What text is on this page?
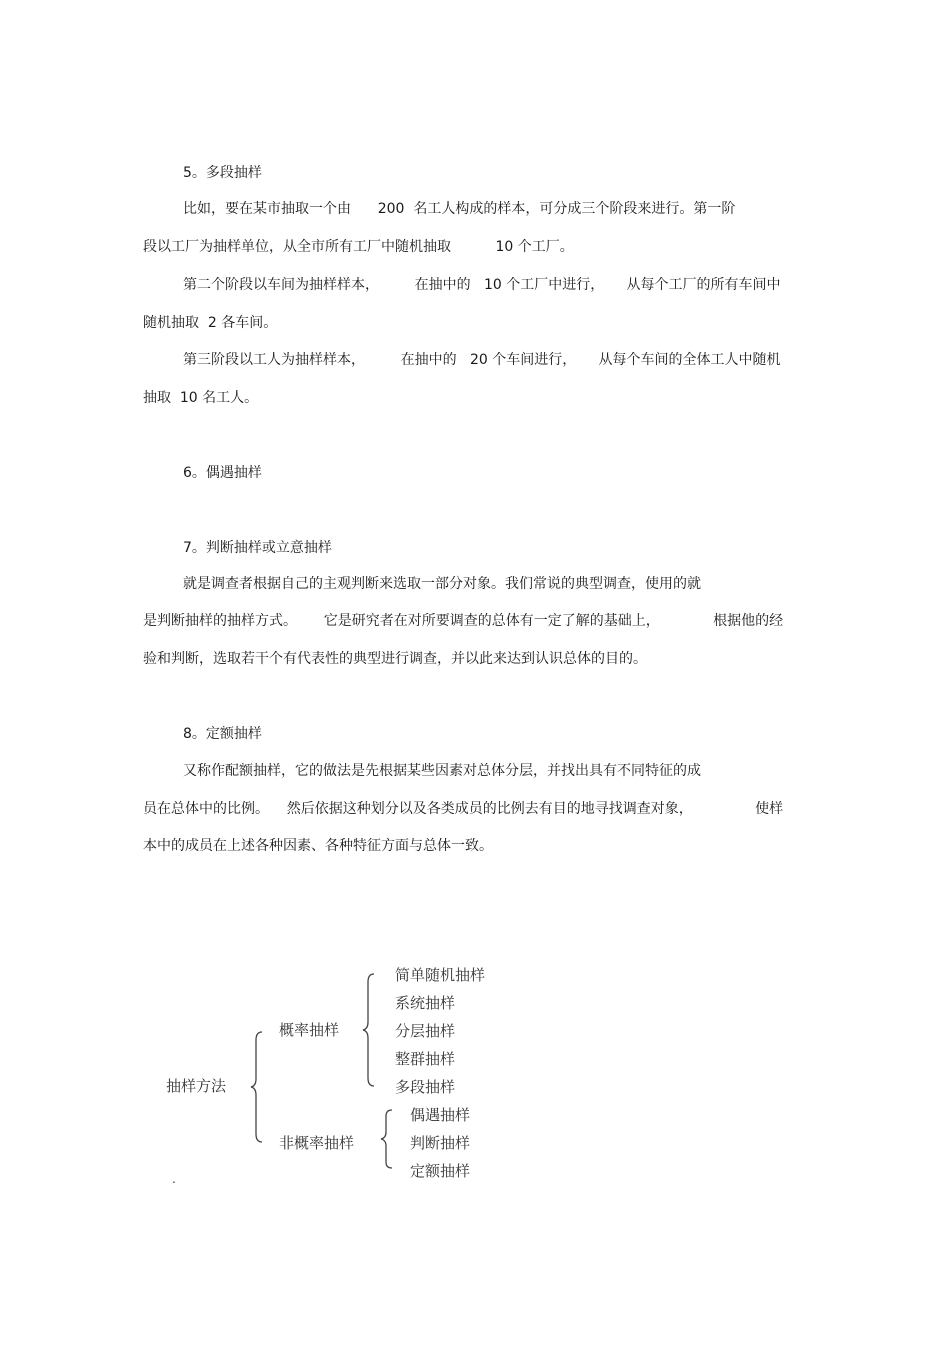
5。多段抽样
比如，要在某市抽取一个由      200  名工人构成的样本，可分成三个阶段来进行。第一阶
段以工厂为抽样单位，从全市所有工厂中随机抽取          10 个工厂。
第二个阶段以车间为抽样样本，        在抽中的   10 个工厂中进行，     从每个工厂的所有车间中
随机抽取  2 各车间。
第三阶段以工人为抽样样本，        在抽中的   20 个车间进行，     从每个车间的全体工人中随机
抽取  10 名工人。
6。偶遇抽样
7。判断抽样或立意抽样
就是调查者根据自己的主观判断来选取一部分对象。我们常说的典型调查，使用的就
是判断抽样的抽样方式。      它是研究者在对所要调查的总体有一定了解的基础上，            根据他的经
验和判断，选取若干个有代表性的典型进行调查，并以此来达到认识总体的目的。
8。定额抽样
又称作配额抽样，它的做法是先根据某些因素对总体分层，并找出具有不同特征的成
员在总体中的比例。    然后依据这种划分以及各类成员的比例去有目的地寻找调查对象，              使样
本中的成员在上述各种因素、各种特征方面与总体一致。
抽样方法
概率抽样
非概率抽样
简单随机抽样
系统抽样
分层抽样
整群抽样
多段抽样
偶遇抽样
判断抽样
定额抽样
.
